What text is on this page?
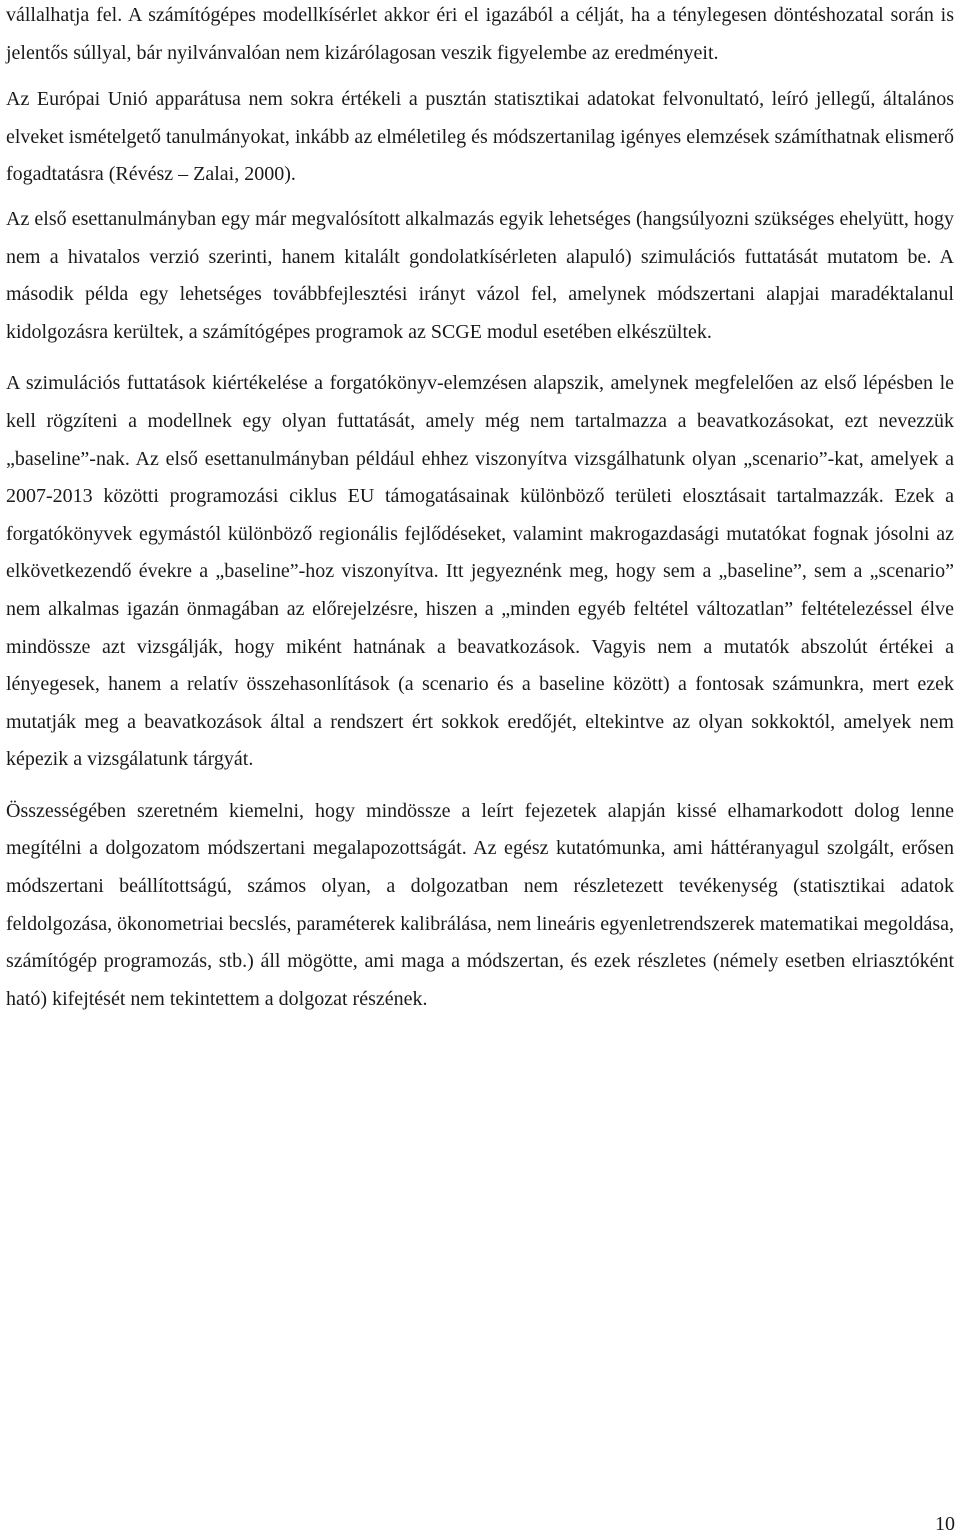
vállalhatja fel. A számítógépes modellkísérlet akkor éri el igazából a célját, ha a ténylegesen döntéshozatal során is jelentős súllyal, bár nyilvánvalóan nem kizárólagosan veszik figyelembe az eredményeit.

Az Európai Unió apparátusa nem sokra értékeli a pusztán statisztikai adatokat felvonultató, leíró jellegű, általános elveket ismételgető tanulmányokat, inkább az elméletileg és módszertanilag igényes elemzések számíthatnak elismerő fogadtatásra (Révész – Zalai, 2000).

Az első esettanulmányban egy már megvalósított alkalmazás egyik lehetséges (hangsúlyozni szükséges ehelyütt, hogy nem a hivatalos verzió szerinti, hanem kitalált gondolatkísérleten alapuló) szimulációs futtatását mutatom be. A második példa egy lehetséges továbbfejlesztési irányt vázol fel, amelynek módszertani alapjai maradéktalanul kidolgozásra kerültek, a számítógépes programok az SCGE modul esetében elkészültek.

A szimulációs futtatások kiértékelése a forgatókönyv-elemzésen alapszik, amelynek megfelelően az első lépésben le kell rögzíteni a modellnek egy olyan futtatását, amely még nem tartalmazza a beavatkozásokat, ezt nevezzük „baseline”-nak. Az első esettanulmányban például ehhez viszonyítva vizsgálhatunk olyan „scenario”-kat, amelyek a 2007-2013 közötti programozási ciklus EU támogatásainak különböző területi elosztásait tartalmazzák. Ezek a forgatókönyvek egymástól különböző regionális fejlődéseket, valamint makrogazdasági mutatókat fognak jósolni az elkövetkezendő évekre a „baseline”-hoz viszonyítva. Itt jegyeznénk meg, hogy sem a „baseline”, sem a „scenario” nem alkalmas igazán önmagában az előrejelzésre, hiszen a „minden egyéb feltétel változatlan” feltételezéssel élve mindössze azt vizsgálják, hogy miként hatnának a beavatkozások. Vagyis nem a mutatók abszolút értékei a lényegesek, hanem a relatív összehasonlítások (a scenario és a baseline között) a fontosak számunkra, mert ezek mutatják meg a beavatkozások által a rendszert ért sokkok eredőjét, eltekintve az olyan sokkoktól, amelyek nem képezik a vizsgálatunk tárgyát.

Összességében szeretném kiemelni, hogy mindössze a leírt fejezetek alapján kissé elhamarkodott dolog lenne megítélni a dolgozatom módszertani megalapozottságát. Az egész kutatómunka, ami háttéranyagul szolgált, erősen módszertani beállítottságú, számos olyan, a dolgozatban nem részletezett tevékenység (statisztikai adatok feldolgozása, ökonometriai becslés, paraméterek kalibrálása, nem lineáris egyenletrendszerek matematikai megoldása, számítógép programozás, stb.) áll mögötte, ami maga a módszertan, és ezek részletes (némely esetben elriasztóként ható) kifejtését nem tekintettem a dolgozat részének.

10
